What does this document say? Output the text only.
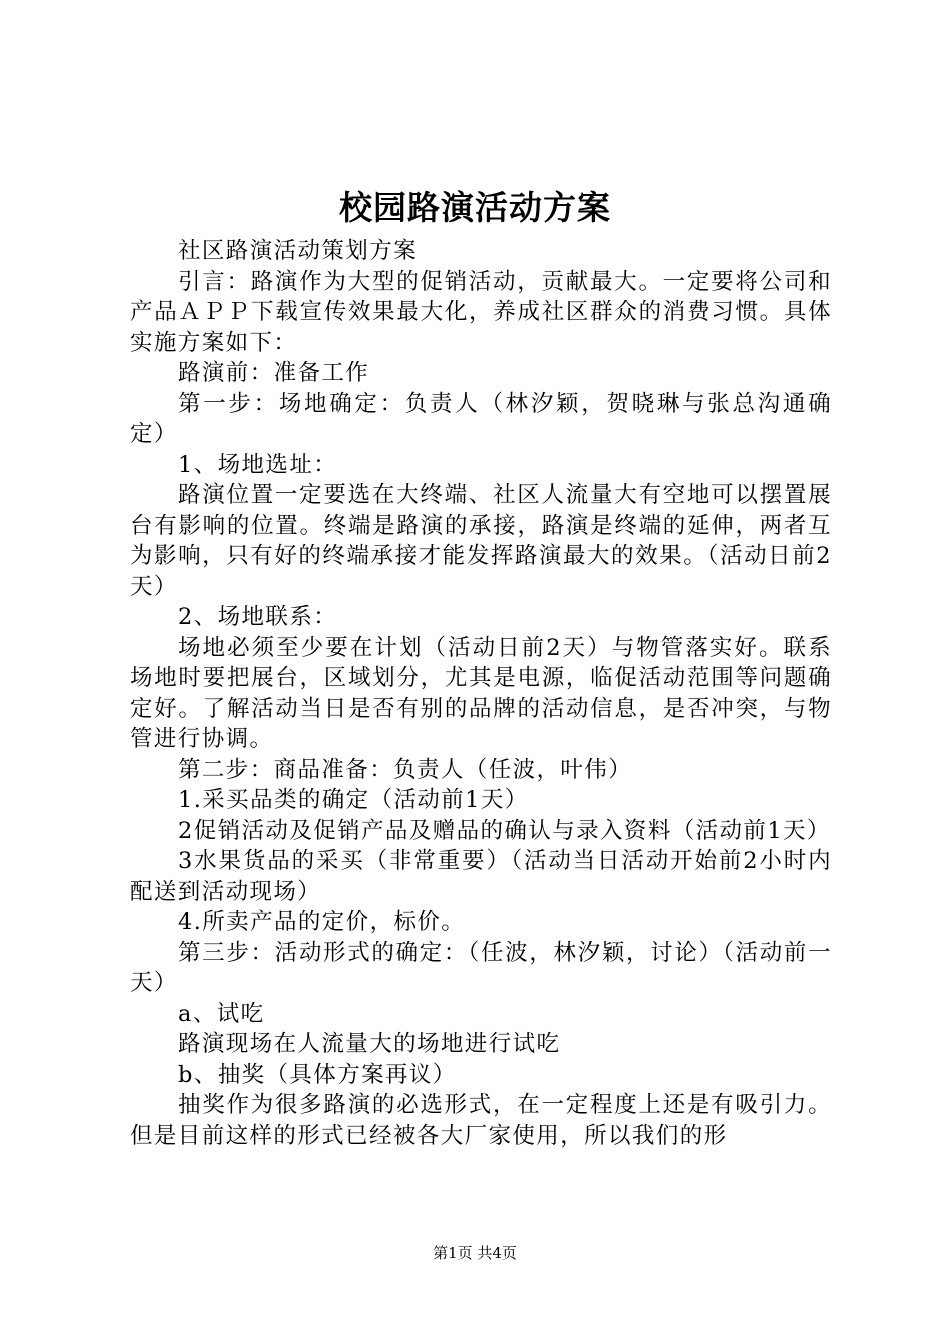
校园路演活动方案

社区路演活动策划方案

引言：路演作为大型的促销活动，贡献最大。一定要将公司和产品ＡＰＰ下载宣传效果最大化，养成社区群众的消费习惯。具体实施方案如下：

路演前：准备工作

第一步：场地确定：负责人（林汐颖，贺晓琳与张总沟通确定）

1、场地选址：

路演位置一定要选在大终端、社区人流量大有空地可以摆置展台有影响的位置。终端是路演的承接，路演是终端的延伸，两者互为影响，只有好的终端承接才能发挥路演最大的效果。（活动日前2天）

2、场地联系：

场地必须至少要在计划（活动日前2天）与物管落实好。联系场地时要把展台，区域划分，尤其是电源，临促活动范围等问题确定好。了解活动当日是否有别的品牌的活动信息，是否冲突，与物管进行协调。

第二步：商品准备：负责人（任波，叶伟）

1.采买品类的确定（活动前1天）

2促销活动及促销产品及赠品的确认与录入资料（活动前1天）

3水果货品的采买（非常重要）（活动当日活动开始前2小时内配送到活动现场）

4.所卖产品的定价，标价。

第三步：活动形式的确定：（任波，林汐颖，讨论）（活动前一天）

a、试吃

路演现场在人流量大的场地进行试吃

b、抽奖（具体方案再议）

抽奖作为很多路演的必选形式，在一定程度上还是有吸引力。但是目前这样的形式已经被各大厂家使用，所以我们的形

第1页 共4页
